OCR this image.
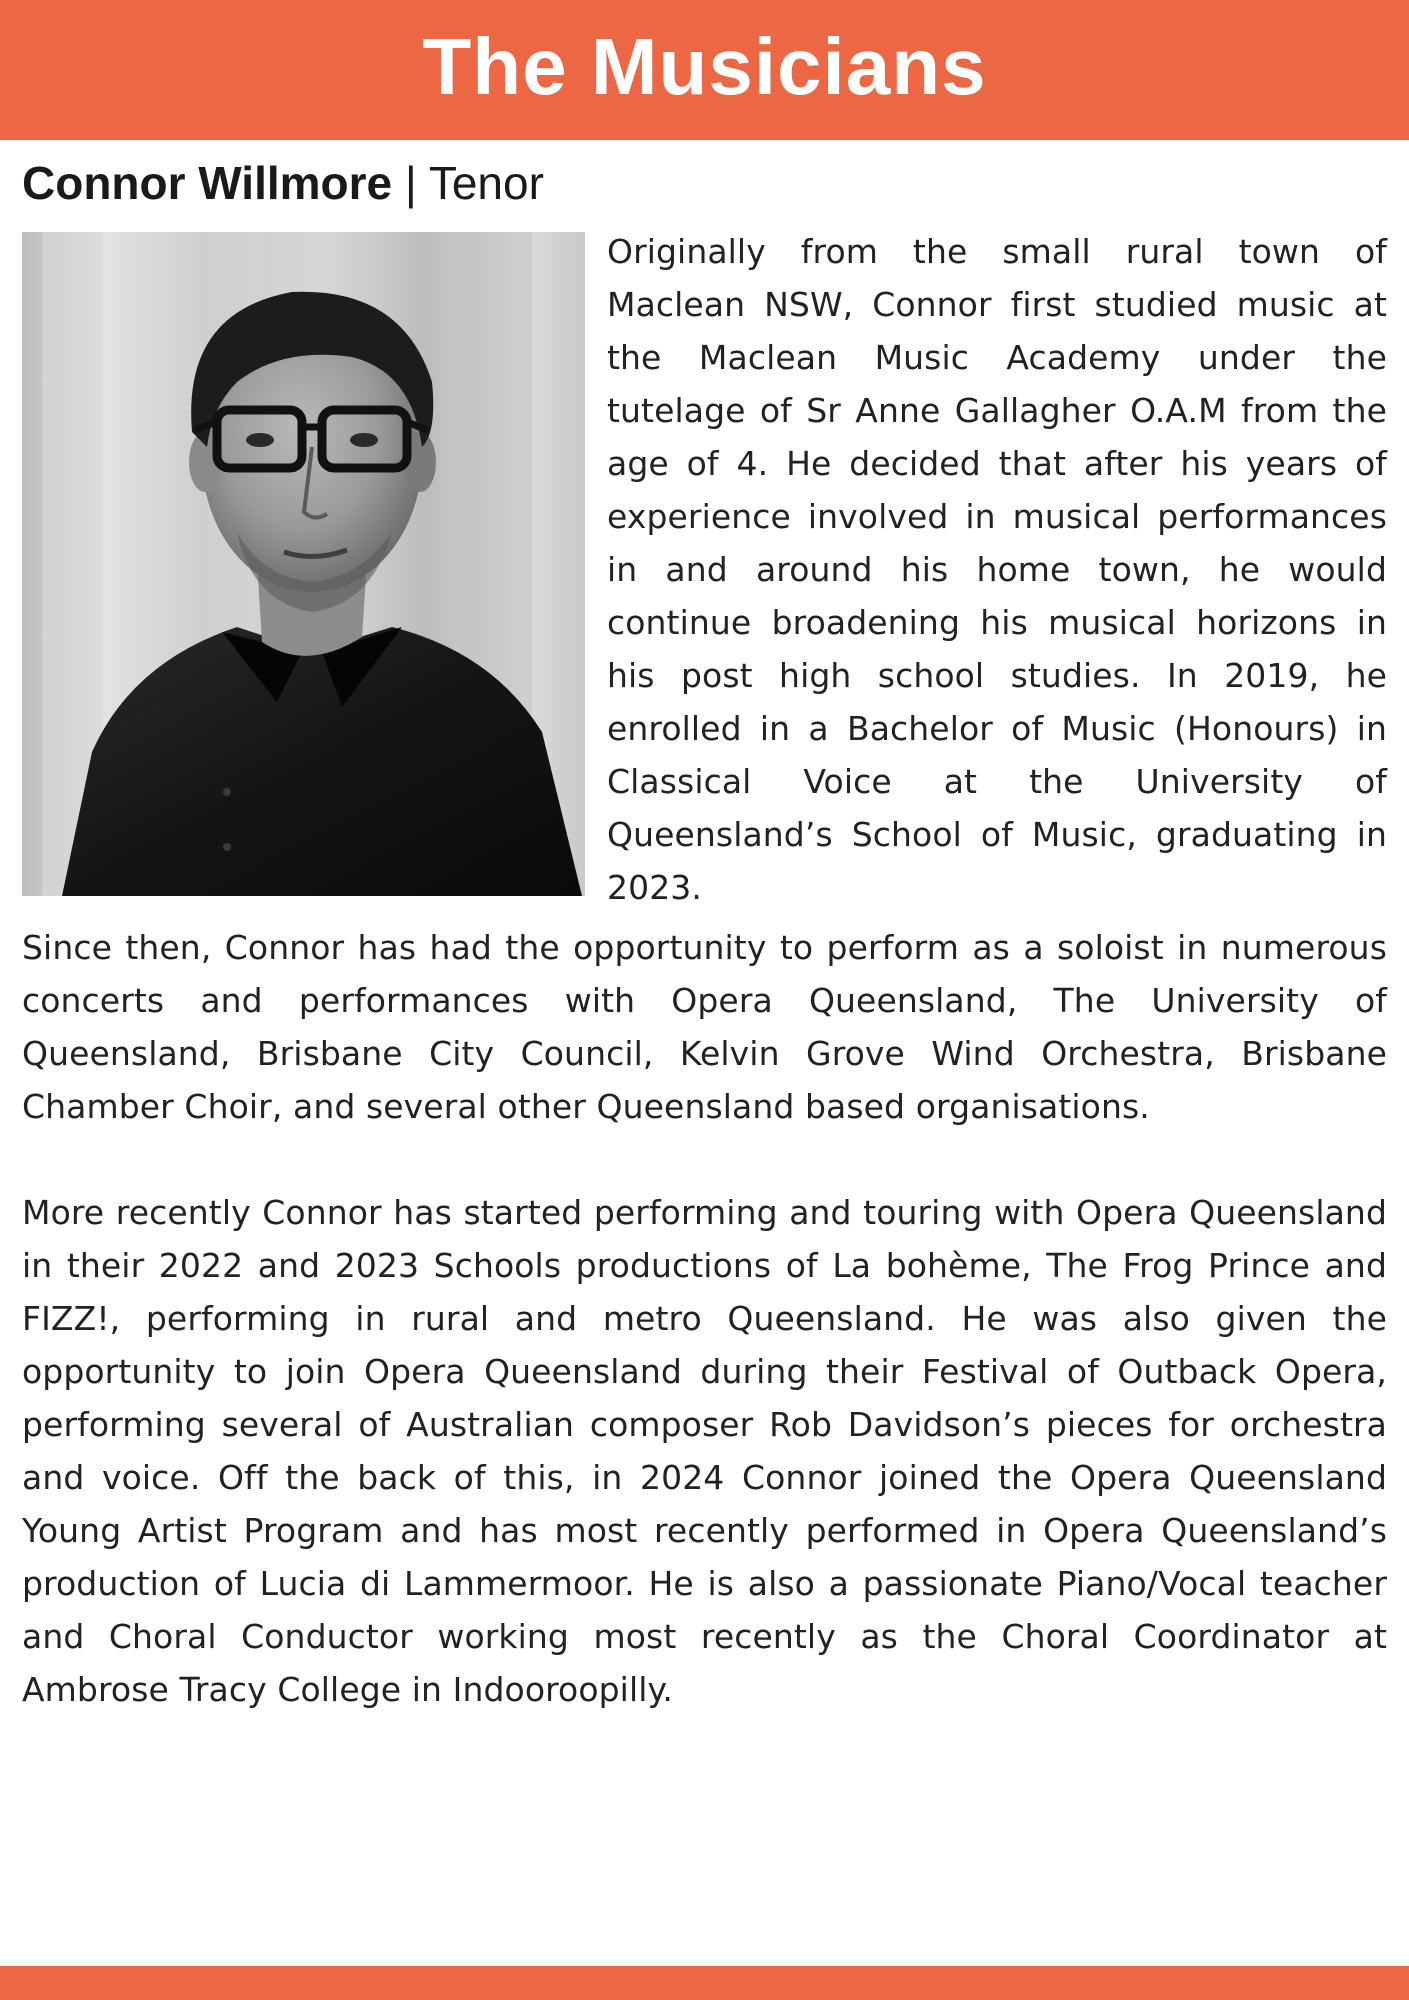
The Musicians
Connor Willmore | Tenor

Originally from the small rural town of Maclean NSW, Connor first studied music at the Maclean Music Academy under the tutelage of Sr Anne Gallagher O.A.M from the age of 4. He decided that after his years of experience involved in musical performances in and around his home town, he would continue broadening his musical horizons in his post high school studies. In 2019, he enrolled in a Bachelor of Music (Honours) in Classical Voice at the University of Queensland’s School of Music, graduating in 2023.

Since then, Connor has had the opportunity to perform as a soloist in numerous concerts and performances with Opera Queensland, The University of Queensland, Brisbane City Council, Kelvin Grove Wind Orchestra, Brisbane Chamber Choir, and several other Queensland based organisations.

More recently Connor has started performing and touring with Opera Queensland in their 2022 and 2023 Schools productions of La bohème, The Frog Prince and FIZZ!, performing in rural and metro Queensland. He was also given the opportunity to join Opera Queensland during their Festival of Outback Opera, performing several of Australian composer Rob Davidson’s pieces for orchestra and voice. Off the back of this, in 2024 Connor joined the Opera Queensland Young Artist Program and has most recently performed in Opera Queensland’s production of Lucia di Lammermoor. He is also a passionate Piano/Vocal teacher and Choral Conductor working most recently as the Choral Coordinator at Ambrose Tracy College in Indooroopilly.
